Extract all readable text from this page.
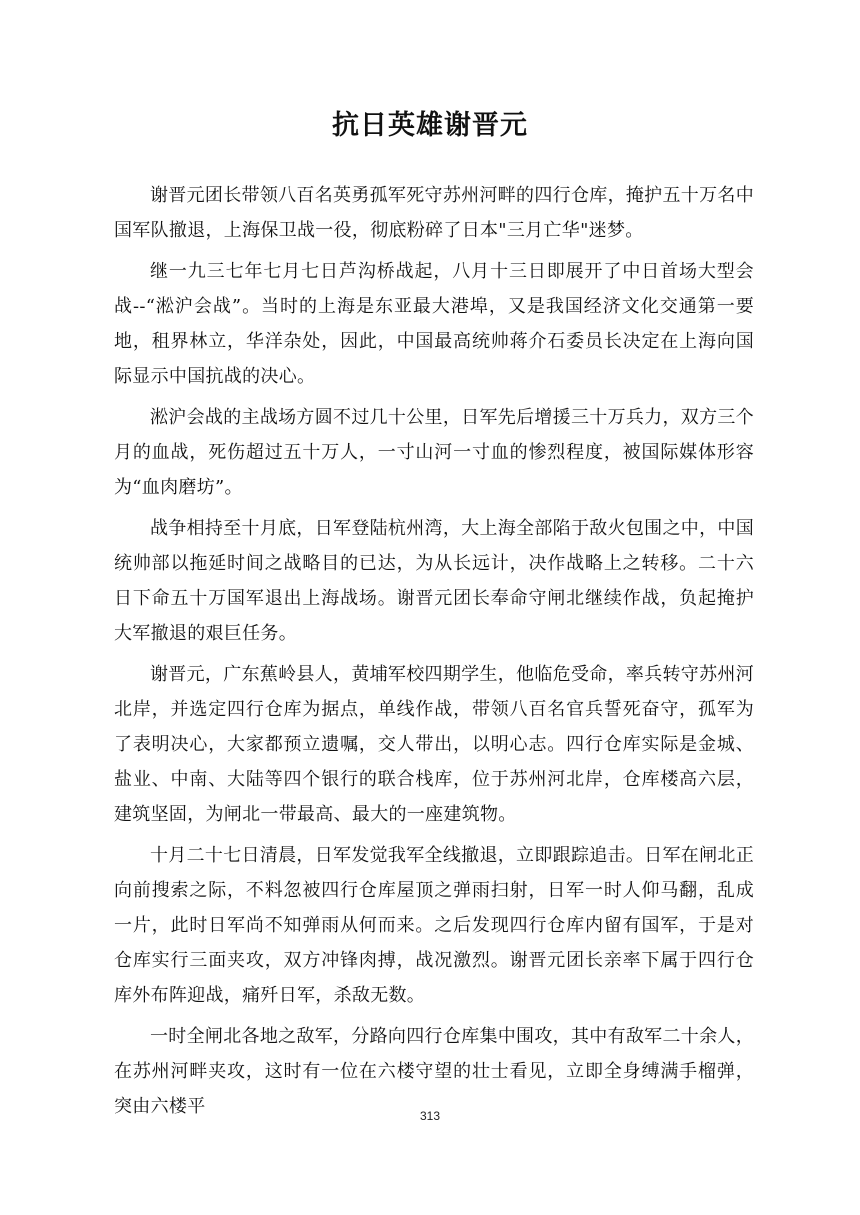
抗日英雄谢晋元

谢晋元团长带领八百名英勇孤军死守苏州河畔的四行仓库，掩护五十万名中国军队撤退，上海保卫战一役，彻底粉碎了日本"三月亡华"迷梦。

继一九三七年七月七日芦沟桥战起，八月十三日即展开了中日首场大型会战--“淞沪会战”。当时的上海是东亚最大港埠，又是我国经济文化交通第一要地，租界林立，华洋杂处，因此，中国最高统帅蒋介石委员长决定在上海向国际显示中国抗战的决心。

淞沪会战的主战场方圆不过几十公里，日军先后增援三十万兵力，双方三个月的血战，死伤超过五十万人，一寸山河一寸血的惨烈程度，被国际媒体形容为“血肉磨坊”。

战争相持至十月底，日军登陆杭州湾，大上海全部陷于敌火包围之中，中国统帅部以拖延时间之战略目的已达，为从长远计，决作战略上之转移。二十六日下命五十万国军退出上海战场。谢晋元团长奉命守闸北继续作战，负起掩护大军撤退的艰巨任务。

谢晋元，广东蕉岭县人，黄埔军校四期学生，他临危受命，率兵转守苏州河北岸，并选定四行仓库为据点，单线作战，带领八百名官兵誓死奋守，孤军为了表明决心，大家都预立遗嘱，交人带出，以明心志。四行仓库实际是金城、盐业、中南、大陆等四个银行的联合栈库，位于苏州河北岸，仓库楼高六层，建筑坚固，为闸北一带最高、最大的一座建筑物。

十月二十七日清晨，日军发觉我军全线撤退，立即跟踪追击。日军在闸北正向前搜索之际，不料忽被四行仓库屋顶之弹雨扫射，日军一时人仰马翻，乱成一片，此时日军尚不知弹雨从何而来。之后发现四行仓库内留有国军，于是对仓库实行三面夹攻，双方冲锋肉搏，战况激烈。谢晋元团长亲率下属于四行仓库外布阵迎战，痛歼日军，杀敌无数。

一时全闸北各地之敌军，分路向四行仓库集中围攻，其中有敌军二十余人，在苏州河畔夹攻，这时有一位在六楼守望的壮士看见，立即全身缚满手榴弹，突由六楼平	313
